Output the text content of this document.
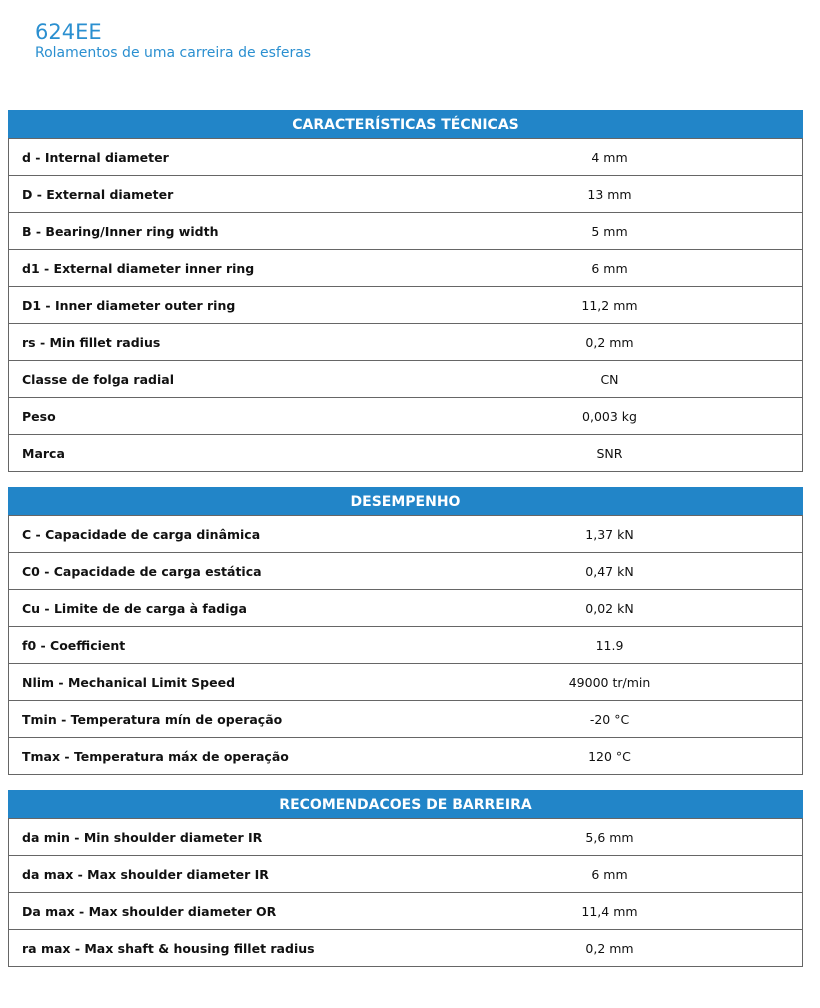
624EE
Rolamentos de uma carreira de esferas
CARACTERÍSTICAS TÉCNICAS
d - Internal diameter	4 mm
D - External diameter	13 mm
B - Bearing/Inner ring width	5 mm
d1 - External diameter inner ring	6 mm
D1 - Inner diameter outer ring	11,2 mm
rs - Min fillet radius	0,2 mm
Classe de folga radial	CN
Peso	0,003 kg
Marca	SNR
DESEMPENHO
C - Capacidade de carga dinâmica	1,37 kN
C0 - Capacidade de carga estática	0,47 kN
Cu - Limite de de carga à fadiga	0,02 kN
f0 - Coefficient	11.9
Nlim - Mechanical Limit Speed	49000 tr/min
Tmin - Temperatura mín de operação	-20 °C
Tmax - Temperatura máx de operação	120 °C
RECOMENDACOES DE BARREIRA
da min - Min shoulder diameter IR	5,6 mm
da max - Max shoulder diameter IR	6 mm
Da max - Max shoulder diameter OR	11,4 mm
ra max - Max shaft & housing fillet radius	0,2 mm
